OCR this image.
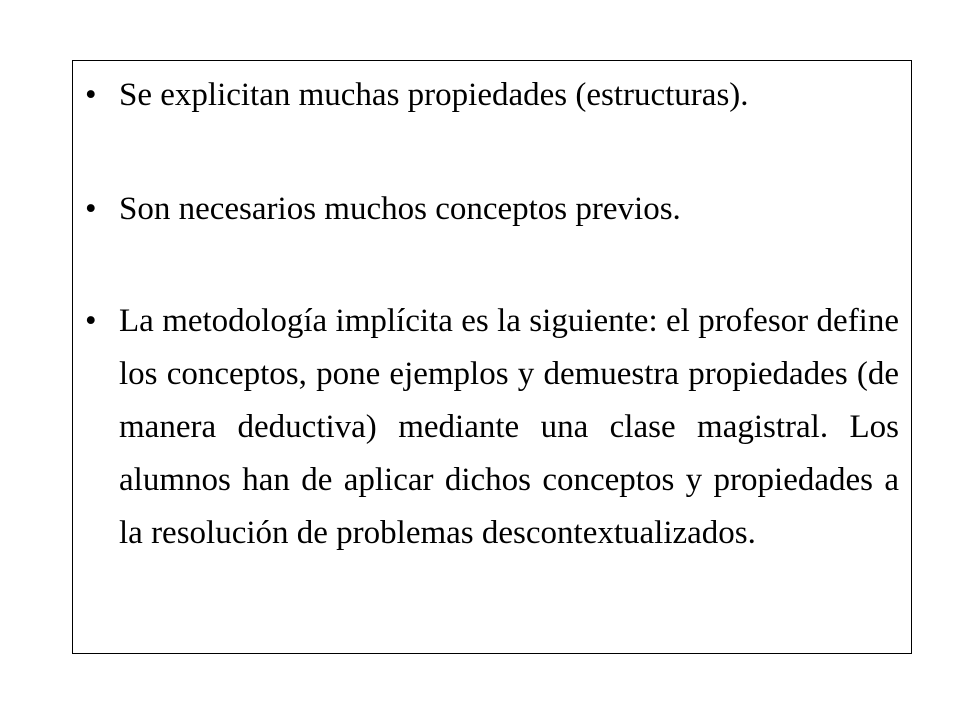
• Se explicitan muchas propiedades (estructuras).
• Son necesarios muchos conceptos previos.
• La metodología implícita es la siguiente: el profesor define los conceptos, pone ejemplos y demuestra propiedades (de manera deductiva) mediante una clase magistral. Los alumnos han de aplicar dichos conceptos y propiedades a la resolución de problemas descontextualizados.
